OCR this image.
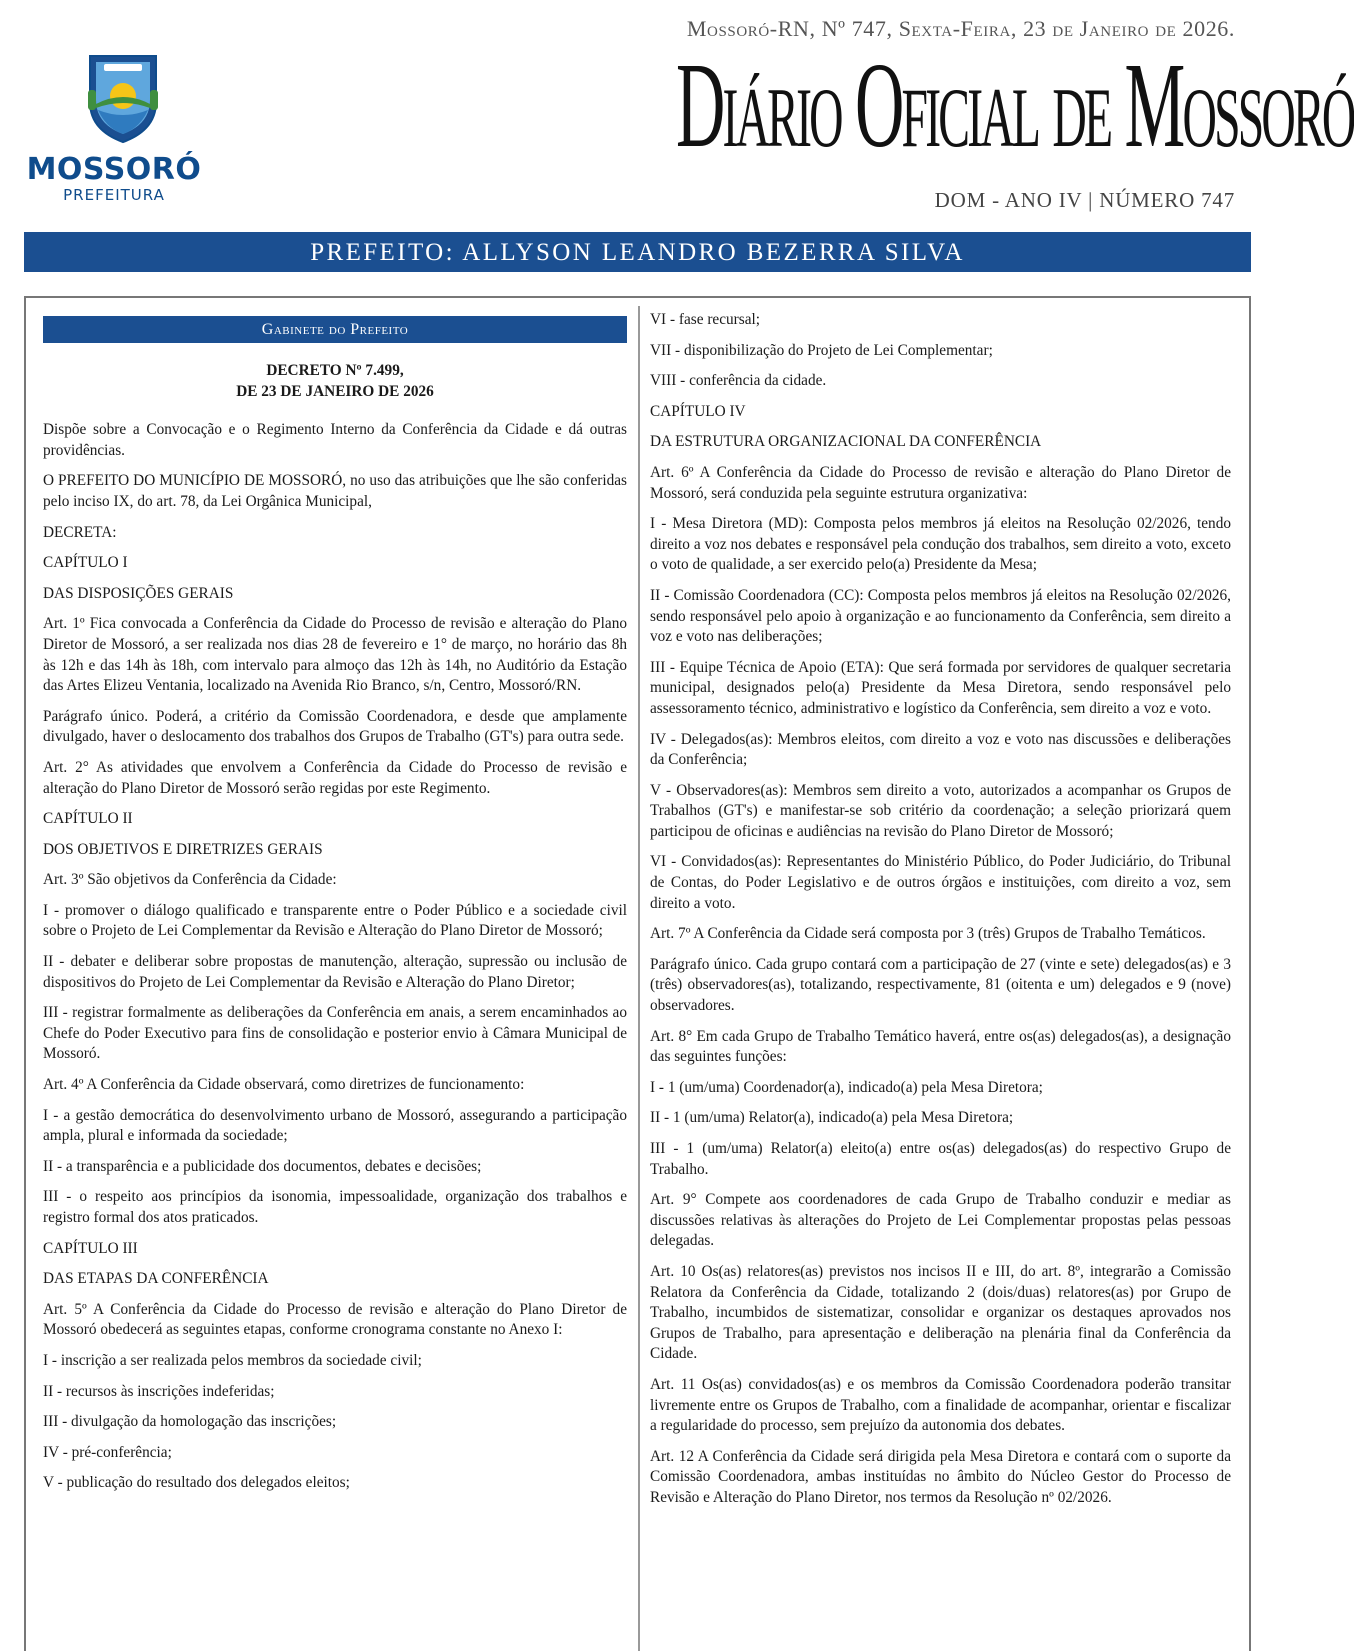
MOSSORÓ
PREFEITURA
Mossoró-RN, Nº 747, Sexta-Feira, 23 de Janeiro de 2026.
Diário Oficial de Mossoró
DOM - ANO IV | NÚMERO 747
PREFEITO: ALLYSON LEANDRO BEZERRA SILVA
Gabinete do Prefeito
DECRETO Nº 7.499,
DE 23 DE JANEIRO DE 2026

Dispõe sobre a Convocação e o Regimento Interno da Conferência da Cidade e dá outras providências.

O PREFEITO DO MUNICÍPIO DE MOSSORÓ, no uso das atribuições que lhe são conferidas pelo inciso IX, do art. 78, da Lei Orgânica Municipal,

DECRETA:

CAPÍTULO I

DAS DISPOSIÇÕES GERAIS

Art. 1º Fica convocada a Conferência da Cidade do Processo de revisão e alteração do Plano Diretor de Mossoró, a ser realizada nos dias 28 de fevereiro e 1° de março, no horário das 8h às 12h e das 14h às 18h, com intervalo para almoço das 12h às 14h, no Auditório da Estação das Artes Elizeu Ventania, localizado na Avenida Rio Branco, s/n, Centro, Mossoró/RN.

Parágrafo único. Poderá, a critério da Comissão Coordenadora, e desde que amplamente divulgado, haver o deslocamento dos trabalhos dos Grupos de Trabalho (GT's) para outra sede.

Art. 2° As atividades que envolvem a Conferência da Cidade do Processo de revisão e alteração do Plano Diretor de Mossoró serão regidas por este Regimento.

CAPÍTULO II

DOS OBJETIVOS E DIRETRIZES GERAIS

Art. 3º São objetivos da Conferência da Cidade:

I - promover o diálogo qualificado e transparente entre o Poder Público e a sociedade civil sobre o Projeto de Lei Complementar da Revisão e Alteração do Plano Diretor de Mossoró;

II - debater e deliberar sobre propostas de manutenção, alteração, supressão ou inclusão de dispositivos do Projeto de Lei Complementar da Revisão e Alteração do Plano Diretor;

III - registrar formalmente as deliberações da Conferência em anais, a serem encaminhados ao Chefe do Poder Executivo para fins de consolidação e posterior envio à Câmara Municipal de Mossoró.

Art. 4º A Conferência da Cidade observará, como diretrizes de funcionamento:

I - a gestão democrática do desenvolvimento urbano de Mossoró, assegurando a participação ampla, plural e informada da sociedade;

II - a transparência e a publicidade dos documentos, debates e decisões;

III - o respeito aos princípios da isonomia, impessoalidade, organização dos trabalhos e registro formal dos atos praticados.

CAPÍTULO III

DAS ETAPAS DA CONFERÊNCIA

Art. 5º A Conferência da Cidade do Processo de revisão e alteração do Plano Diretor de Mossoró obedecerá as seguintes etapas, conforme cronograma constante no Anexo I:

I - inscrição a ser realizada pelos membros da sociedade civil;

II - recursos às inscrições indeferidas;

III - divulgação da homologação das inscrições;

IV - pré-conferência;

V - publicação do resultado dos delegados eleitos;

VI - fase recursal;

VII - disponibilização do Projeto de Lei Complementar;

VIII - conferência da cidade.

CAPÍTULO IV

DA ESTRUTURA ORGANIZACIONAL DA CONFERÊNCIA

Art. 6º A Conferência da Cidade do Processo de revisão e alteração do Plano Diretor de Mossoró, será conduzida pela seguinte estrutura organizativa:

I - Mesa Diretora (MD): Composta pelos membros já eleitos na Resolução 02/2026, tendo direito a voz nos debates e responsável pela condução dos trabalhos, sem direito a voto, exceto o voto de qualidade, a ser exercido pelo(a) Presidente da Mesa;

II - Comissão Coordenadora (CC): Composta pelos membros já eleitos na Resolução 02/2026, sendo responsável pelo apoio à organização e ao funcionamento da Conferência, sem direito a voz e voto nas deliberações;

III - Equipe Técnica de Apoio (ETA): Que será formada por servidores de qualquer secretaria municipal, designados pelo(a) Presidente da Mesa Diretora, sendo responsável pelo assessoramento técnico, administrativo e logístico da Conferência, sem direito a voz e voto.

IV - Delegados(as): Membros eleitos, com direito a voz e voto nas discussões e deliberações da Conferência;

V - Observadores(as): Membros sem direito a voto, autorizados a acompanhar os Grupos de Trabalhos (GT's) e manifestar-se sob critério da coordenação; a seleção priorizará quem participou de oficinas e audiências na revisão do Plano Diretor de Mossoró;

VI - Convidados(as): Representantes do Ministério Público, do Poder Judiciário, do Tribunal de Contas, do Poder Legislativo e de outros órgãos e instituições, com direito a voz, sem direito a voto.

Art. 7º A Conferência da Cidade será composta por 3 (três) Grupos de Trabalho Temáticos.

Parágrafo único. Cada grupo contará com a participação de 27 (vinte e sete) delegados(as) e 3 (três) observadores(as), totalizando, respectivamente, 81 (oitenta e um) delegados e 9 (nove) observadores.

Art. 8° Em cada Grupo de Trabalho Temático haverá, entre os(as) delegados(as), a designação das seguintes funções:

I - 1 (um/uma) Coordenador(a), indicado(a) pela Mesa Diretora;

II - 1 (um/uma) Relator(a), indicado(a) pela Mesa Diretora;

III - 1 (um/uma) Relator(a) eleito(a) entre os(as) delegados(as) do respectivo Grupo de Trabalho.

Art. 9° Compete aos coordenadores de cada Grupo de Trabalho conduzir e mediar as discussões relativas às alterações do Projeto de Lei Complementar propostas pelas pessoas delegadas.

Art. 10 Os(as) relatores(as) previstos nos incisos II e III, do art. 8º, integrarão a Comissão Relatora da Conferência da Cidade, totalizando 2 (dois/duas) relatores(as) por Grupo de Trabalho, incumbidos de sistematizar, consolidar e organizar os destaques aprovados nos Grupos de Trabalho, para apresentação e deliberação na plenária final da Conferência da Cidade.

Art. 11 Os(as) convidados(as) e os membros da Comissão Coordenadora poderão transitar livremente entre os Grupos de Trabalho, com a finalidade de acompanhar, orientar e fiscalizar a regularidade do processo, sem prejuízo da autonomia dos debates.

Art. 12 A Conferência da Cidade será dirigida pela Mesa Diretora e contará com o suporte da Comissão Coordenadora, ambas instituídas no âmbito do Núcleo Gestor do Processo de Revisão e Alteração do Plano Diretor, nos termos da Resolução nº 02/2026.
